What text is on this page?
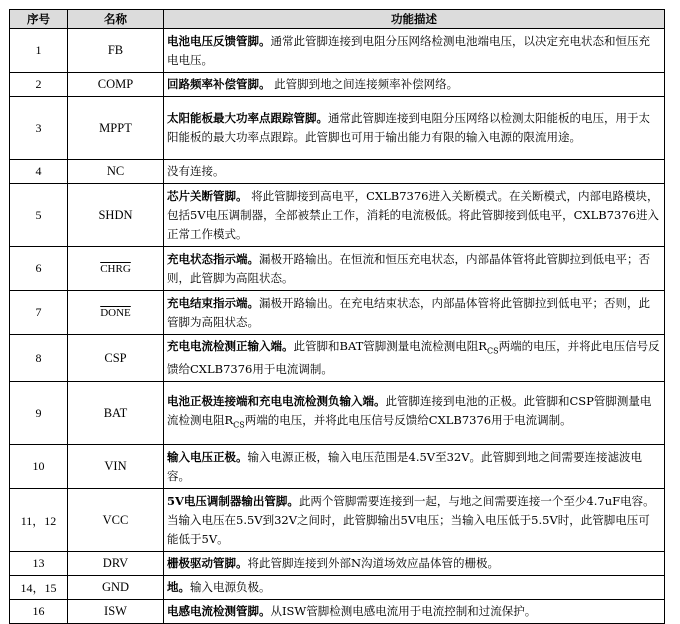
序号	名称	功能描述
1	FB	电池电压反馈管脚。通常此管脚连接到电阻分压网络检测电池端电压，以决定充电状态和恒压充电电压。
2	COMP	回路频率补偿管脚。 此管脚到地之间连接频率补偿网络。
3	MPPT	太阳能板最大功率点跟踪管脚。通常此管脚连接到电阻分压网络以检测太阳能板的电压，用于太阳能板的最大功率点跟踪。此管脚也可用于输出能力有限的输入电源的限流用途。
4	NC	没有连接。
5	SHDN	芯片关断管脚。 将此管脚接到高电平，CXLB7376进入关断模式。在关断模式，内部电路模块，包括5V电压调制器，全部被禁止工作，消耗的电流极低。将此管脚接到低电平，CXLB7376进入正常工作模式。
6	CHRG	充电状态指示端。漏极开路输出。在恒流和恒压充电状态，内部晶体管将此管脚拉到低电平；否则，此管脚为高阻状态。
7	DONE	充电结束指示端。漏极开路输出。在充电结束状态，内部晶体管将此管脚拉到低电平；否则，此管脚为高阻状态。
8	CSP	充电电流检测正输入端。此管脚和BAT管脚测量电流检测电阻$R_{CS}$两端的电压，并将此电压信号反馈给CXLB7376用于电流调制。
9	BAT	电池正极连接端和充电电流检测负输入端。此管脚连接到电池的正极。此管脚和CSP管脚测量电流检测电阻$R_{CS}$两端的电压，并将此电压信号反馈给CXLB7376用于电流调制。
10	VIN	输入电压正极。输入电源正极，输入电压范围是4.5V至32V。此管脚到地之间需要连接滤波电容。
11，12	VCC	5V电压调制器输出管脚。此两个管脚需要连接到一起，与地之间需要连接一个至少4.7uF电容。当输入电压在5.5V到32V之间时，此管脚输出5V电压；当输入电压低于5.5V时，此管脚电压可能低于5V。
13	DRV	栅极驱动管脚。将此管脚连接到外部N沟道场效应晶体管的栅极。
14，15	GND	地。输入电源负极。
16	ISW	电感电流检测管脚。从ISW管脚检测电感电流用于电流控制和过流保护。
